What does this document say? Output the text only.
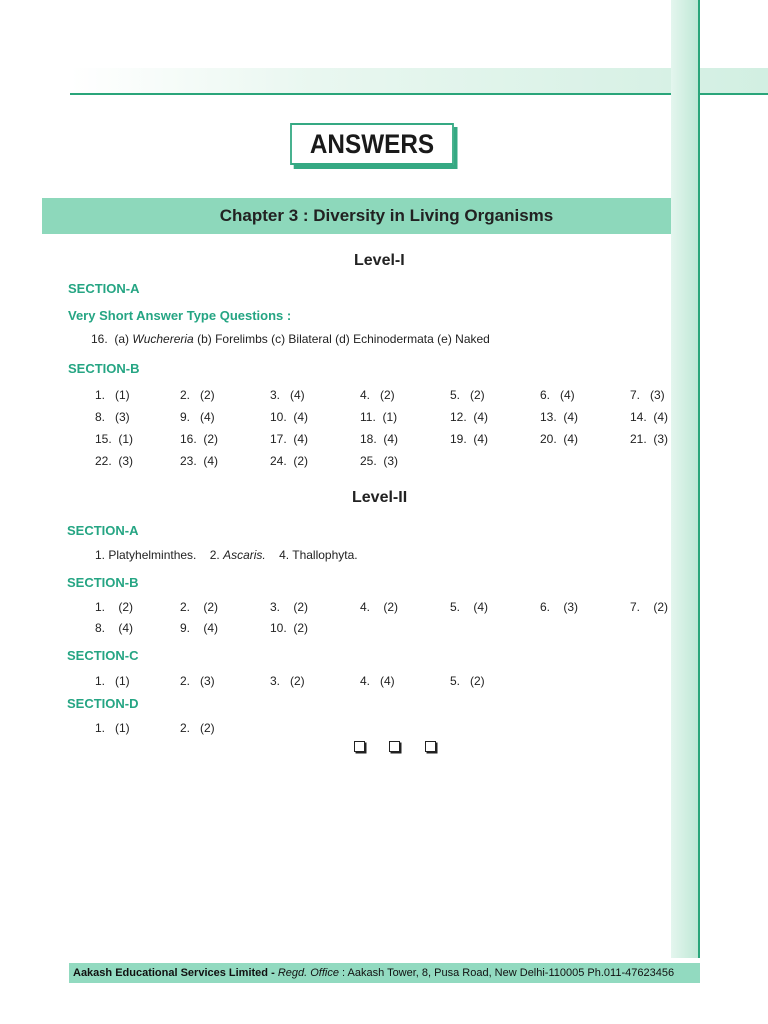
ANSWERS
Chapter 3 : Diversity in Living Organisms
Level-I
SECTION-A
Very Short Answer Type Questions :
16. (a) Wuchereria (b) Forelimbs (c) Bilateral (d) Echinodermata (e) Naked
SECTION-B
1.   (1)	2.   (2)	3.   (4)	4.   (2)	5.   (2)	6.   (4)	7.   (3)
8.   (3)	9.   (4)	10.  (4)	11.  (1)	12.  (4)	13.  (4)	14.  (4)
15.  (1)	16.  (2)	17.  (4)	18.  (4)	19.  (4)	20.  (4)	21.  (3)
22.  (3)	23.  (4)	24.  (2)	25.  (3)
Level-II
SECTION-A
1. Platyhelminthes. 2. Ascaris. 4. Thallophyta.
SECTION-B
1.    (2)	2.    (2)	3.    (2)	4.    (2)	5.    (4)	6.    (3)	7.    (2)
8.    (4)	9.    (4)	10.  (2)
SECTION-C
1.   (1)	2.   (3)	3.   (2)	4.   (4)	5.   (2)
SECTION-D
1.   (1)	2.   (2)

Aakash Educational Services Limited - Regd. Office : Aakash Tower, 8, Pusa Road, New Delhi-110005 Ph.011-47623456
